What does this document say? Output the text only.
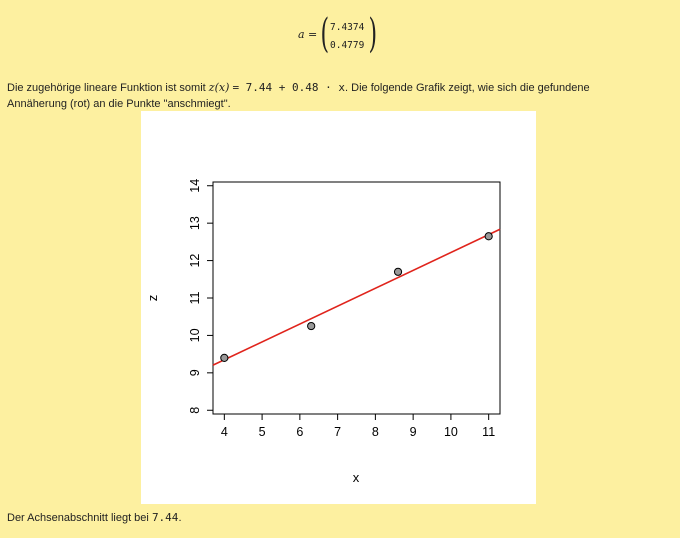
a = ( 7.4374
0.4779 )
Die zugehörige lineare Funktion ist somit z(x) = 7.44 + 0.48 · x. Die folgende Grafik zeigt, wie sich die gefundene
Annäherung (rot) an die Punkte "anschmiegt".
4 5 6 7 8 9 10 11
8
9
10
11
12
13
14
x
z
Der Achsenabschnitt liegt bei 7.44.
